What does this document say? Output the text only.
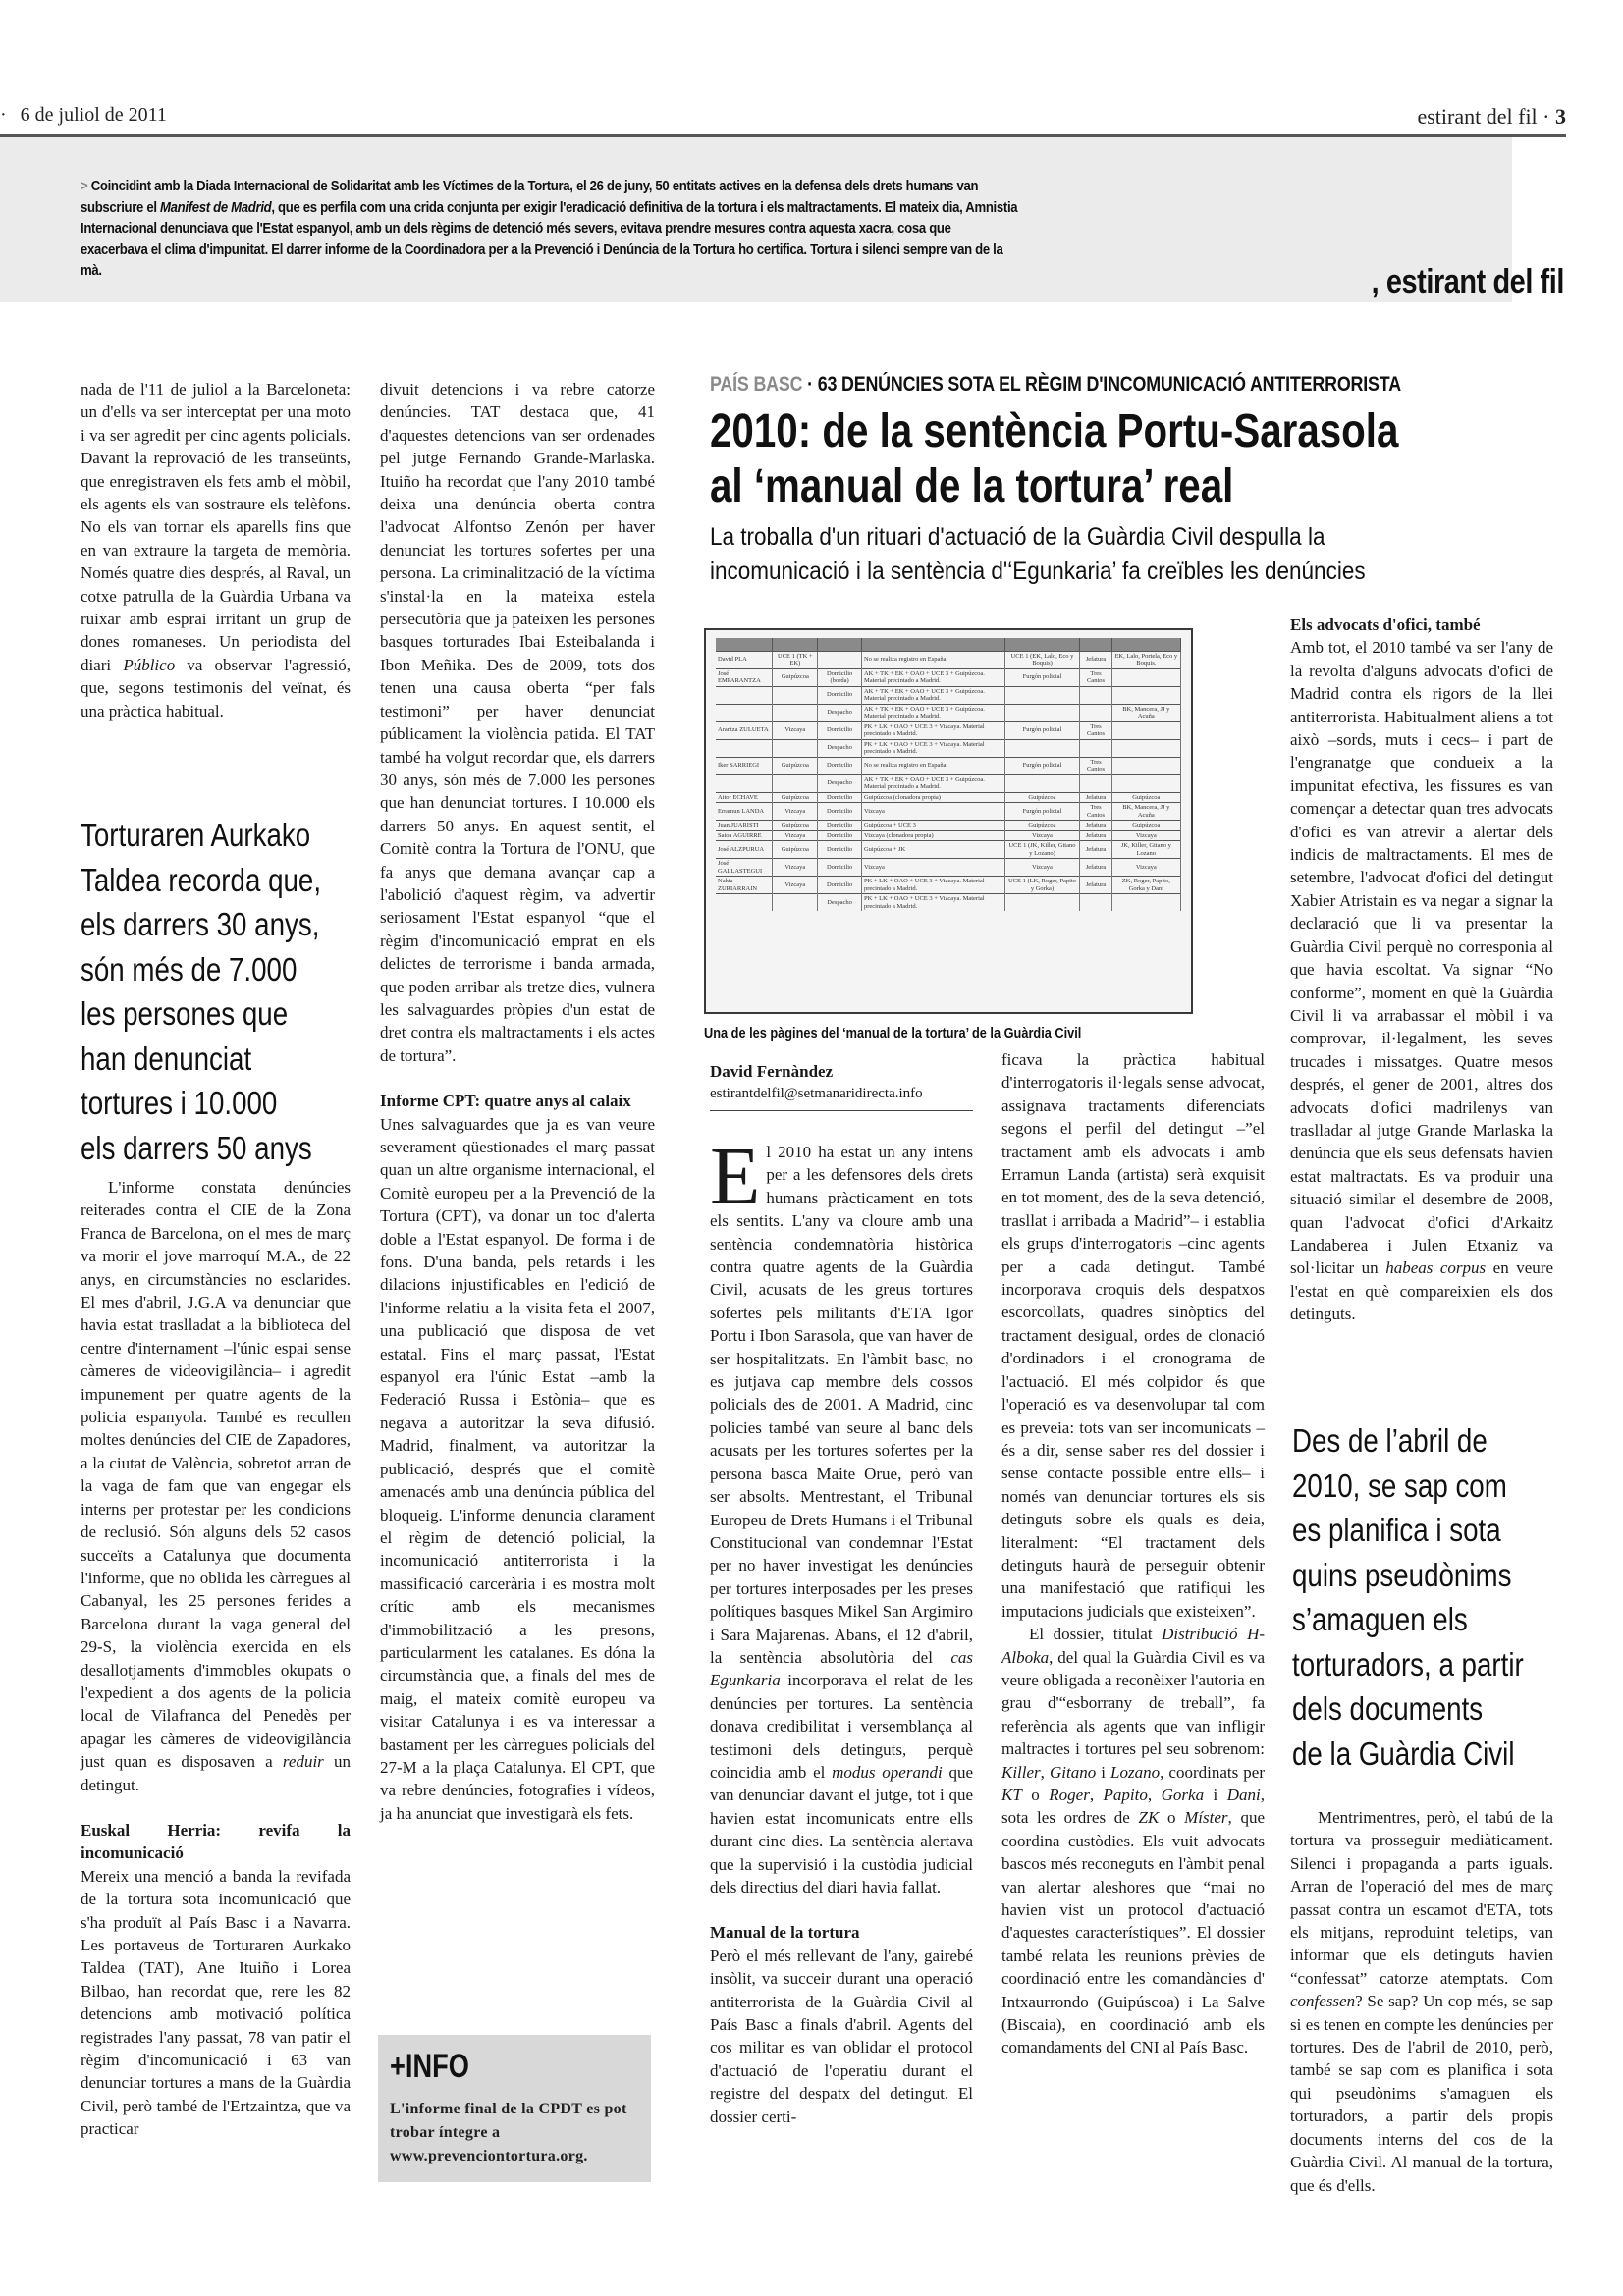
· 6 de juliol de 2011	estirant del fil · 3
> Coincidint amb la Diada Internacional de Solidaritat amb les Víctimes de la Tortura, el 26 de juny, 50 entitats actives en la defensa dels drets humans van subscriure el Manifest de Madrid, que es perfila com una crida conjunta per exigir l'eradicació definitiva de la tortura i els maltractaments. El mateix dia, Amnistia Internacional denunciava que l'Estat espanyol, amb un dels règims de detenció més severs, evitava prendre mesures contra aquesta xacra, cosa que exacerbava el clima d'impunitat. El darrer informe de la Coordinadora per a la Prevenció i Denúncia de la Tortura ho certifica. Tortura i silenci sempre van de la mà.	, estirant del fil

nada de l'11 de juliol a la Barceloneta: un d'ells va ser interceptat per una moto i va ser agredit per cinc agents policials. Davant la reprovació de les transeünts, que enregistraven els fets amb el mòbil, els agents els van sostraure els telèfons. No els van tornar els aparells fins que en van extraure la targeta de memòria. Només quatre dies després, al Raval, un cotxe patrulla de la Guàrdia Urbana va ruixar amb esprai irritant un grup de dones romaneses. Un periodista del diari Público va observar l'agressió, que, segons testimonis del veïnat, és una pràctica habitual.

Torturaren Aurkako
Taldea recorda que,
els darrers 30 anys,
són més de 7.000
les persones que
han denunciat
tortures i 10.000
els darrers 50 anys

L'informe constata denúncies reiterades contra el CIE de la Zona Franca de Barcelona, on el mes de març va morir el jove marroquí M.A., de 22 anys, en circumstàncies no esclarides. El mes d'abril, J.G.A va denunciar que havia estat traslladat a la biblioteca del centre d'internament –l'únic espai sense càmeres de videovigilància– i agredit impunement per quatre agents de la policia espanyola. També es recullen moltes denúncies del CIE de Zapadores, a la ciutat de València, sobretot arran de la vaga de fam que van engegar els interns per protestar per les condicions de reclusió. Són alguns dels 52 casos succeïts a Catalunya que documenta l'informe, que no oblida les càrregues al Cabanyal, les 25 persones ferides a Barcelona durant la vaga general del 29-S, la violència exercida en els desallotjaments d'immobles okupats o l'expedient a dos agents de la policia local de Vilafranca del Penedès per apagar les càmeres de videovigilància just quan es disposaven a reduir un detingut.

Euskal Herria: revifa la incomunicació

Mereix una menció a banda la revifada de la tortura sota incomunicació que s'ha produït al País Basc i a Navarra. Les portaveus de Torturaren Aurkako Taldea (TAT), Ane Ituiño i Lorea Bilbao, han recordat que, rere les 82 detencions amb motivació política registrades l'any passat, 78 van patir el règim d'incomunicació i 63 van denunciar tortures a mans de la Guàrdia Civil, però també de l'Ertzaintza, que va practicar

divuit detencions i va rebre catorze denúncies. TAT destaca que, 41 d'aquestes detencions van ser ordenades pel jutge Fernando Grande-Marlaska. Ituiño ha recordat que l'any 2010 també deixa una denúncia oberta contra l'advocat Alfontso Zenón per haver denunciat les tortures sofertes per una persona. La criminalització de la víctima s'instal·la en la mateixa estela persecutòria que ja pateixen les persones basques torturades Ibai Esteibalanda i Ibon Meñika. Des de 2009, tots dos tenen una causa oberta “per fals testimoni” per haver denunciat públicament la violència patida. El TAT també ha volgut recordar que, els darrers 30 anys, són més de 7.000 les persones que han denunciat tortures. I 10.000 els darrers 50 anys. En aquest sentit, el Comitè contra la Tortura de l'ONU, que fa anys que demana avançar cap a l'abolició d'aquest règim, va advertir seriosament l'Estat espanyol “que el règim d'incomunicació emprat en els delictes de terrorisme i banda armada, que poden arribar als tretze dies, vulnera les salvaguardes pròpies d'un estat de dret contra els maltractaments i els actes de tortura”.

Informe CPT: quatre anys al calaix

Unes salvaguardes que ja es van veure severament qüestionades el març passat quan un altre organisme internacional, el Comitè europeu per a la Prevenció de la Tortura (CPT), va donar un toc d'alerta doble a l'Estat espanyol. De forma i de fons. D'una banda, pels retards i les dilacions injustificables en l'edició de l'informe relatiu a la visita feta el 2007, una publicació que disposa de vet estatal. Fins el març passat, l'Estat espanyol era l'únic Estat –amb la Federació Russa i Estònia– que es negava a autoritzar la seva difusió. Madrid, finalment, va autoritzar la publicació, després que el comitè amenacés amb una denúncia pública del bloqueig. L'informe denuncia clarament el règim de detenció policial, la incomunicació antiterrorista i la massificació carcerària i es mostra molt crític amb els mecanismes d'immobilització a les presons, particularment les catalanes. Es dóna la circumstància que, a finals del mes de maig, el mateix comitè europeu va visitar Catalunya i es va interessar a bastament per les càrregues policials del 27-M a la plaça Catalunya. El CPT, que va rebre denúncies, fotografies i vídeos, ja ha anunciat que investigarà els fets.

+INFO
L'informe final de la CPDT es pot trobar íntegre a www.prevenciontortura.org.
PAÍS BASC · 63 DENÚNCIES SOTA EL RÈGIM D'INCOMUNICACIÓ ANTITERRORISTA
2010: de la sentència Portu-Sarasola
al ‘manual de la tortura’ real
La troballa d'un rituari d'actuació de la Guàrdia Civil despulla la
incomunicació i la sentència d'‘Egunkaria’ fa creïbles les denúncies

David PLA	UCE 1 (TK + EK)		No se realiza registro en España.	UCE 1 (EK, Lalo, Eco y Boquis)	Jefatura	EK, Lalo, Portela, Eco y Boquis.
José EMPARANTZA	Guipúzcoa	Domicilio (borda)	AK + TK + EK + OAO + UCE 3 + Guipúzcoa. Material precintado a Madrid.	Furgón policial	Tres Cantos	
		Domicilio	AK + TK + EK + OAO + UCE 3 + Guipúzcoa. Material precintado a Madrid.			
		Despacho	AK + TK + EK + OAO + UCE 3 + Guipúzcoa. Material precintado a Madrid.			BK, Mancera, JJ y Acuña
Arantza ZULUETA	Vizcaya	Domicilio	PK + LK + OAO + UCE 3 + Vizcaya. Material precintado a Madrid.	Furgón policial	Tres Cantos	
		Despacho	PK + LK + OAO + UCE 3 + Vizcaya. Material precintado a Madrid.			
Iker SARRIEGI	Guipúzcoa	Domicilio	No se realiza registro en España.	Furgón policial	Tres Cantos	
		Despacho	AK + TK + EK + OAO + UCE 3 + Guipúzcoa. Material precintado a Madrid.			
Aitor ECHAVE	Guipúzcoa	Domicilio	Guipúzcoa (clonadora propia)	Guipúzcoa	Jefatura	Guipúzcoa
Erramun LANDA	Vizcaya	Domicilio	Vizcaya	Furgón policial	Tres Cantos	BK, Mancera, JJ y Acuña
Juan JUARISTI	Guipúzcoa	Domicilio	Guipúzcoa + UCE 3	Guipúzcoa	Jefatura	Guipúzcoa
Saioa AGUIRRE	Vizcaya	Domicilio	Vizcaya (clonadora propia)	Vizcaya	Jefatura	Vizcaya
José ALZPURUA	Guipúzcoa	Domicilio	Guipúzcoa + JK	UCE 1 (JK, Killer, Gitano y Lozano)	Jefatura	JK, Killer, Gitano y Lozano
José GALLASTEGUI	Vizcaya	Domicilio	Vizcaya	Vizcaya	Jefatura	Vizcaya
Nahia ZURIARRAIN	Vizcaya	Domicilio	PK + LK + OAO + UCE 3 + Vizcaya. Material precintado a Madrid.	UCE 1 (LK, Roger, Papito y Gorka)	Jefatura	ZK, Roger, Papito, Gorka y Dani
		Despacho	PK + LK + OAO + UCE 3 + Vizcaya. Material precintado a Madrid.			
Una de les pàgines del ‘manual de la tortura’ de la Guàrdia Civil
David Fernàndez
estirantdelfil@setmanaridirecta.info

El 2010 ha estat un any intens per a les defensores dels drets humans pràcticament en tots els sentits. L'any va cloure amb una sentència condemnatòria històrica contra quatre agents de la Guàrdia Civil, acusats de les greus tortures sofertes pels militants d'ETA Igor Portu i Ibon Sarasola, que van haver de ser hospitalitzats. En l'àmbit basc, no es jutjava cap membre dels cossos policials des de 2001. A Madrid, cinc policies també van seure al banc dels acusats per les tortures sofertes per la persona basca Maite Orue, però van ser absolts. Mentrestant, el Tribunal Europeu de Drets Humans i el Tribunal Constitucional van condemnar l'Estat per no haver investigat les denúncies per tortures interposades per les preses polítiques basques Mikel San Argimiro i Sara Majarenas. Abans, el 12 d'abril, la sentència absolutòria del cas Egunkaria incorporava el relat de les denúncies per tortures. La sentència donava credibilitat i versemblança al testimoni dels detinguts, perquè coincidia amb el modus operandi que van denunciar davant el jutge, tot i que havien estat incomunicats entre ells durant cinc dies. La sentència alertava que la supervisió i la custòdia judicial dels directius del diari havia fallat.

Manual de la tortura

Però el més rellevant de l'any, gairebé insòlit, va succeir durant una operació antiterrorista de la Guàrdia Civil al País Basc a finals d'abril. Agents del cos militar es van oblidar el protocol d'actuació de l'operatiu durant el registre del despatx del detingut. El dossier certi-

ficava la pràctica habitual d'interrogatoris il·legals sense advocat, assignava tractaments diferenciats segons el perfil del detingut –”el tractament amb els advocats i amb Erramun Landa (artista) serà exquisit en tot moment, des de la seva detenció, trasllat i arribada a Madrid”– i establia els grups d'interrogatoris –cinc agents per a cada detingut. També incorporava croquis dels despatxos escorcollats, quadres sinòptics del tractament desigual, ordes de clonació d'ordinadors i el cronograma de l'actuació. El més colpidor és que l'operació es va desenvolupar tal com es preveia: tots van ser incomunicats –és a dir, sense saber res del dossier i sense contacte possible entre ells– i només van denunciar tortures els sis detinguts sobre els quals es deia, literalment: “El tractament dels detinguts haurà de perseguir obtenir una manifestació que ratifiqui les imputacions judicials que existeixen”.

El dossier, titulat Distribució H-Alboka, del qual la Guàrdia Civil es va veure obligada a reconèixer l'autoria en grau d'“esborrany de treball”, fa referència als agents que van infligir maltractes i tortures pel seu sobrenom: Killer, Gitano i Lozano, coordinats per KT o Roger, Papito, Gorka i Dani, sota les ordres de ZK o Míster, que coordina custòdies. Els vuit advocats bascos més reconeguts en l'àmbit penal van alertar aleshores que “mai no havien vist un protocol d'actuació d'aquestes característiques”. El dossier també relata les reunions prèvies de coordinació entre les comandàncies d' Intxaurrondo (Guipúscoa) i La Salve (Biscaia), en coordinació amb els comandaments del CNI al País Basc.

Els advocats d'ofici, també

Amb tot, el 2010 també va ser l'any de la revolta d'alguns advocats d'ofici de Madrid contra els rigors de la llei antiterrorista. Habitualment aliens a tot això –sords, muts i cecs– i part de l'engranatge que condueix a la impunitat efectiva, les fissures es van començar a detectar quan tres advocats d'ofici es van atrevir a alertar dels indicis de maltractaments. El mes de setembre, l'advocat d'ofici del detingut Xabier Atristain es va negar a signar la declaració que li va presentar la Guàrdia Civil perquè no corresponia al que havia escoltat. Va signar “No conforme”, moment en què la Guàrdia Civil li va arrabassar el mòbil i va comprovar, il·legalment, les seves trucades i missatges. Quatre mesos després, el gener de 2001, altres dos advocats d'ofici madrilenys van traslladar al jutge Grande Marlaska la denúncia que els seus defensats havien estat maltractats. Es va produir una situació similar el desembre de 2008, quan l'advocat d'ofici d'Arkaitz Landaberea i Julen Etxaniz va sol·licitar un habeas corpus en veure l'estat en què compareixien els dos detinguts.

Des de l’abril de
2010, se sap com
es planifica i sota
quins pseudònims
s’amaguen els
torturadors, a partir
dels documents
de la Guàrdia Civil

Mentrimentres, però, el tabú de la tortura va prosseguir mediàticament. Silenci i propaganda a parts iguals. Arran de l'operació del mes de març passat contra un escamot d'ETA, tots els mitjans, reproduint teletips, van informar que els detinguts havien “confessat” catorze atemptats. Com confessen? Se sap? Un cop més, se sap si es tenen en compte les denúncies per tortures. Des de l'abril de 2010, però, també se sap com es planifica i sota qui pseudònims s'amaguen els torturadors, a partir dels propis documents interns del cos de la Guàrdia Civil. Al manual de la tortura, que és d'ells.
